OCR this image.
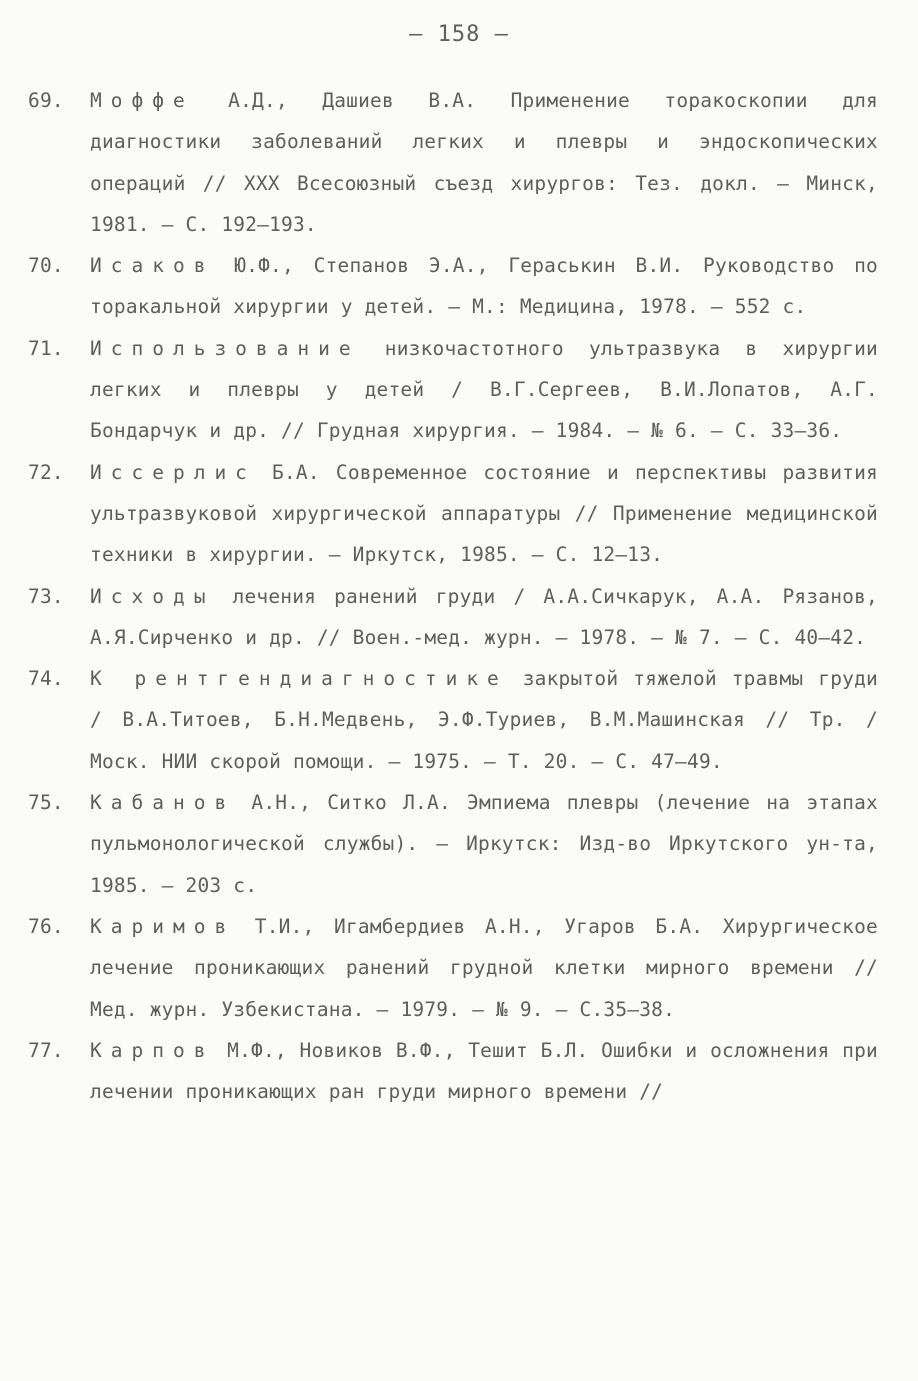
– 158 –

69.	Моффе А.Д., Дашиев В.А. Применение торакоскопии для диагностики заболеваний легких и плевры и эндоскопических операций // XXX Всесоюзный съезд хирургов: Тез. докл. – Минск, 1981. – С. 192–193.

70.	Исаков Ю.Ф., Степанов Э.А., Гераськин В.И. Руководство по торакальной хирургии у детей. – М.: Медицина, 1978. – 552 с.

71.	Использование низкочастотного ультразвука в хирургии легких и плевры у детей / В.Г.Сергеев, В.И.Лопатов, А.Г. Бондарчук и др. // Грудная хирургия. – 1984. – № 6. – С. 33–36.

72.	Иссерлис Б.А. Современное состояние и перспективы развития ультразвуковой хирургической аппаратуры // Применение медицинской техники в хирургии. – Иркутск, 1985. – С. 12–13.

73.	Исходы лечения ранений груди / А.А.Сичкарук, А.А. Рязанов, А.Я.Сирченко и др. // Воен.-мед. журн. – 1978. – № 7. – С. 40–42.

74.	К рентгендиагностике закрытой тяжелой травмы груди / В.А.Титоев, Б.Н.Медвень, Э.Ф.Туриев, В.М.Машинская // Тр. / Моск. НИИ скорой помощи. – 1975. – Т. 20. – С. 47–49.

75.	Кабанов А.Н., Ситко Л.А. Эмпиема плевры (лечение на этапах пульмонологической службы). – Иркутск: Изд-во Иркутского ун-та, 1985. – 203 с.

76.	Каримов Т.И., Игамбердиев А.Н., Угаров Б.А. Хирургическое лечение проникающих ранений грудной клетки мирного времени // Мед. журн. Узбекистана. – 1979. – № 9. – С.35–38.

77.	Карпов М.Ф., Новиков В.Ф., Тешит Б.Л. Ошибки и осложнения при лечении проникающих ран груди мирного времени //
